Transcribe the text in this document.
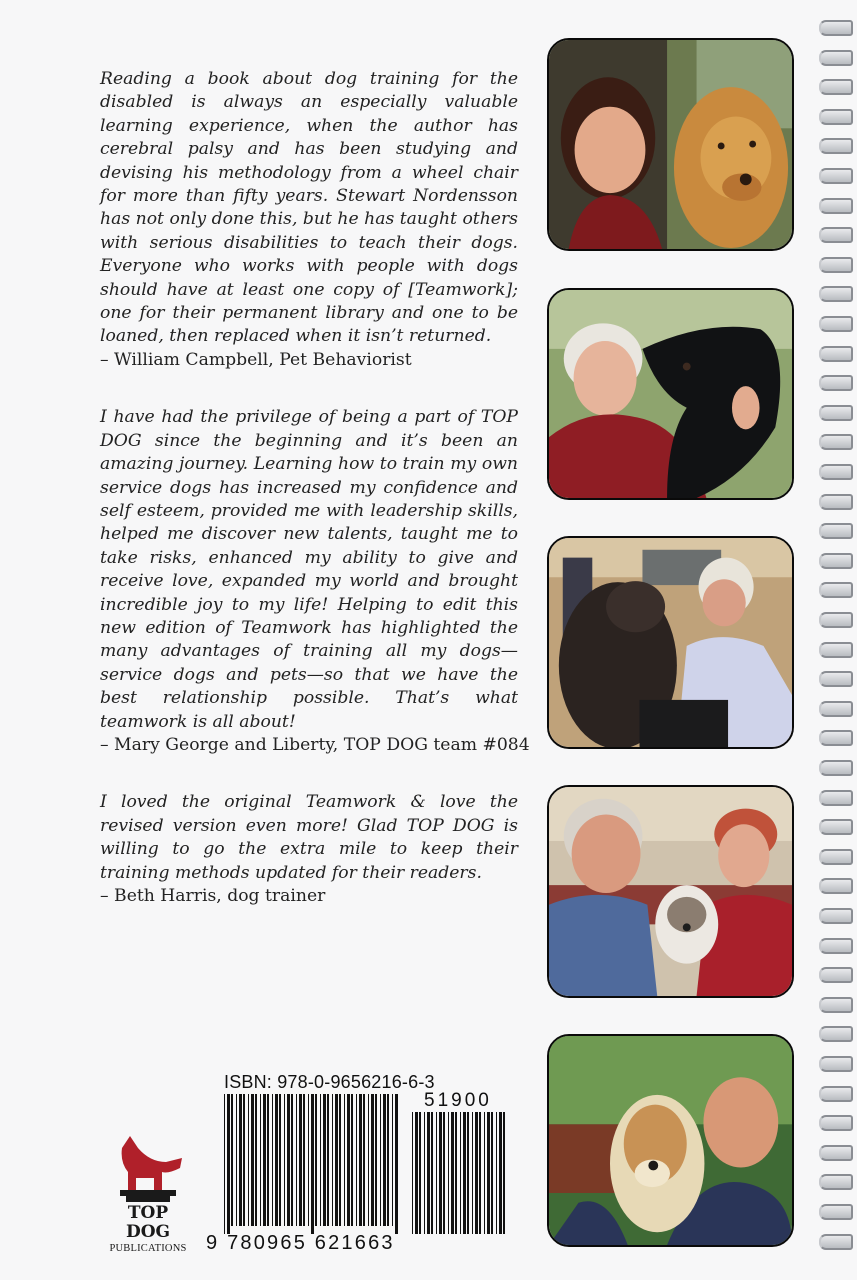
Reading a book about dog training for the disabled is always an especially valuable learning experience, when the author has cerebral palsy and has been studying and devising his methodology from a wheel chair for more than fifty years. Stewart Nordensson has not only done this, but he has taught others with serious disabilities to teach their dogs. Everyone who works with people with dogs should have at least one copy of [Teamwork]; one for their permanent library and one to be loaned, then replaced when it isn’t returned.

– William Campbell, Pet Behaviorist

I have had the privilege of being a part of TOP DOG since the beginning and it’s been an amazing journey. Learning how to train my own service dogs has increased my confidence and self esteem, provided me with leadership skills, helped me discover new talents, taught me to take risks, enhanced my ability to give and receive love, expanded my world and brought incredible joy to my life! Helping to edit this new edition of Teamwork has highlighted the many advantages of training all my dogs—service dogs and pets—so that we have the best relationship possible. That’s what teamwork is all about!

– Mary George and Liberty, TOP DOG team #084

I loved the original Teamwork & love the revised version even more! Glad TOP DOG is willing to go the extra mile to keep their training methods updated for their readers.

– Beth Harris, dog trainer

ISBN: 978-0-9656216-6-3
51900
9 780965 621663
TOP
DOG
PUBLICATIONS
